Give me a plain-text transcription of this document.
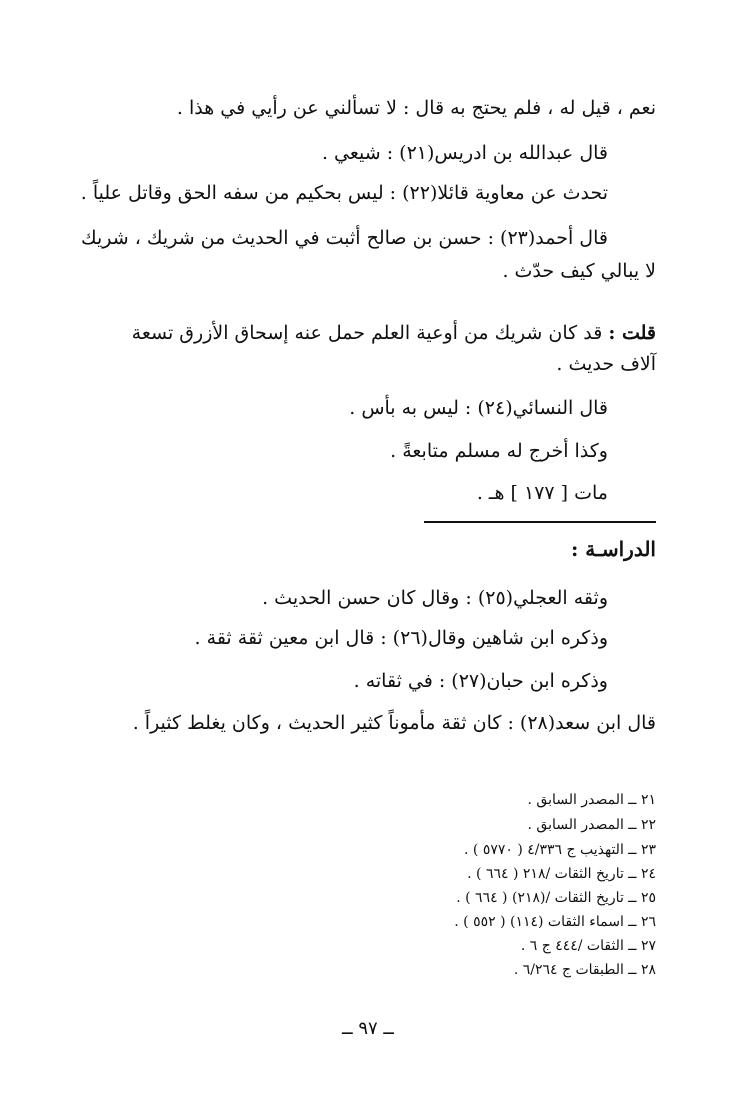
نعم ، قيل له ، فلم يحتج به قال : لا تسألني عن رأيي في هذا .
قال عبدالله بن ادريس(٢١) : شيعي .
تحدث عن معاوية قائلا(٢٢) : ليس بحكيم من سفه الحق وقاتل علياً .
قال أحمد(٢٣) : حسن بن صالح أثبت في الحديث من شريك ، شريك
لا يبالي كيف حدّث .
قلت : قد كان شريك من أوعية العلم حمل عنه إسحاق الأزرق تسعة
آلاف حديث .
قال النسائي(٢٤) : ليس به بأس .
وكذا أخرج له مسلم متابعةً .
مات [ ١٧٧ ] هـ .
الدراسـة :
وثقه العجلي(٢٥) : وقال كان حسن الحديث .
وذكره ابن شاهين وقال(٢٦) : قال ابن معين ثقة ثقة .
وذكره ابن حبان(٢٧) : في ثقاته .
قال ابن سعد(٢٨) : كان ثقة مأموناً كثير الحديث ، وكان يغلط كثيراً .
٢١ ــ المصدر السابق .
٢٢ ــ المصدر السابق .
٢٣ ــ التهذيب ج ٤/٣٣٦ ( ٥٧٧٠ ) .
٢٤ ــ تاريخ الثقات /٢١٨ ( ٦٦٤ ) .
٢٥ ــ تاريخ الثقات /(٢١٨) ( ٦٦٤ ) .
٢٦ ــ اسماء الثقات (١١٤) ( ٥٥٢ ) .
٢٧ ــ الثقات /٤٤٤ ج ٦ .
٢٨ ــ الطبقات ج ٦/٢٦٤ .
ــ ٩٧ ــ
